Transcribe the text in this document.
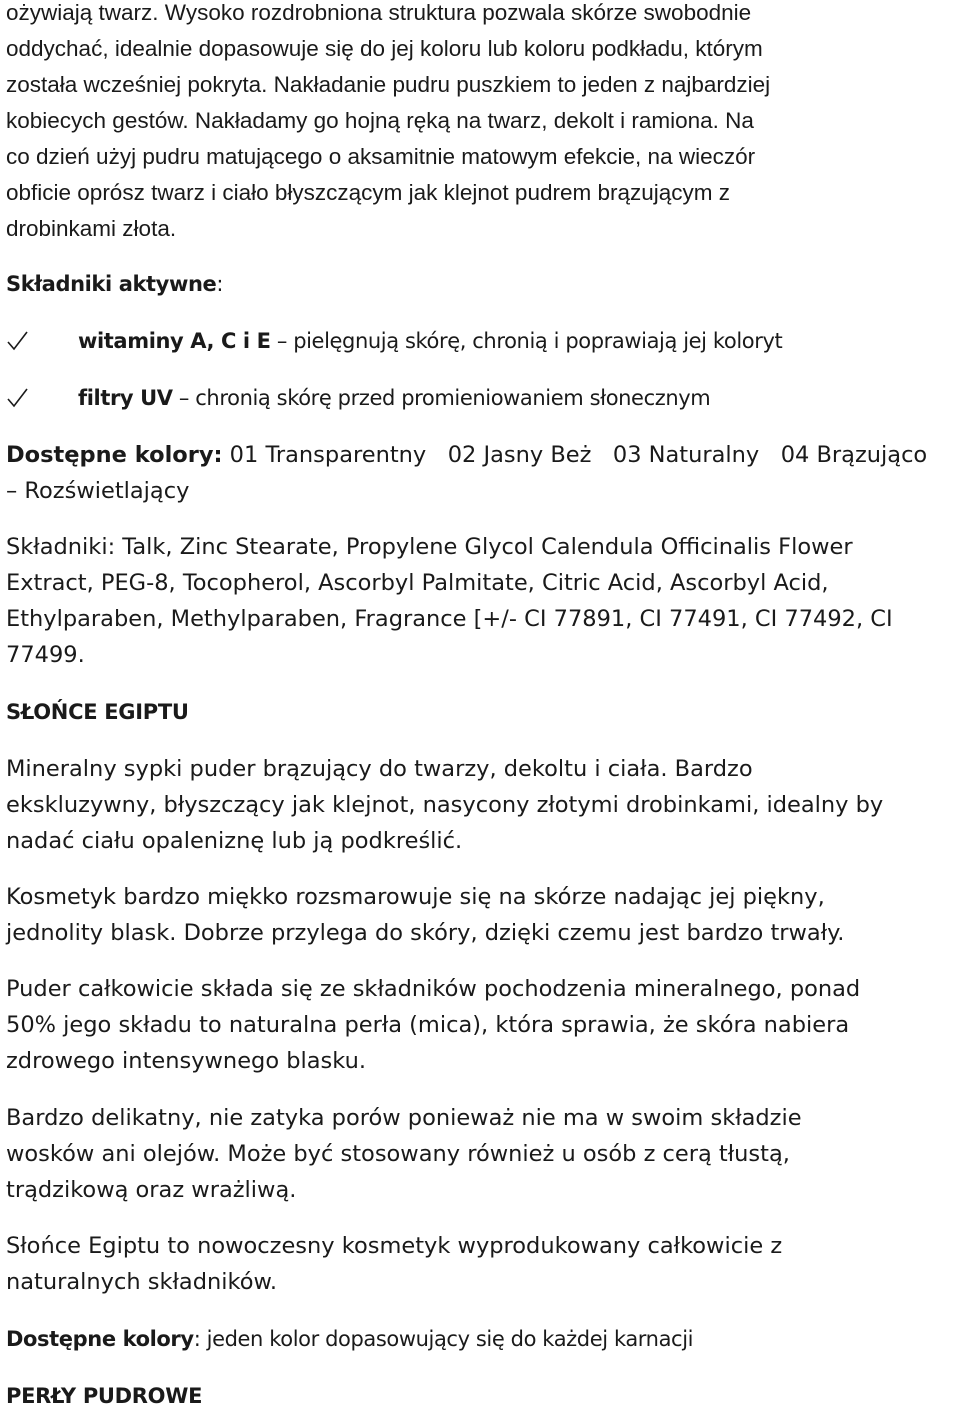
ożywiają twarz. Wysoko rozdrobniona struktura pozwala skórze swobodnie
oddychać, idealnie dopasowuje się do jej koloru lub koloru podkładu, którym
została wcześniej pokryta. Nakładanie pudru puszkiem to jeden z najbardziej
kobiecych gestów. Nakładamy go hojną ręką na twarz, dekolt i ramiona. Na
co dzień użyj pudru matującego o aksamitnie matowym efekcie, na wieczór
obficie oprósz twarz i ciało błyszczącym jak klejnot pudrem brązującym z
drobinkami złota.
Składniki aktywne:
witaminy A, C i E – pielęgnują skórę, chronią i poprawiają jej koloryt
filtry UV – chronią skórę przed promieniowaniem słonecznym
Dostępne kolory: 01 Transparentny   02 Jasny Beż   03 Naturalny   04 Brązująco
– Rozświetlający
Składniki: Talk, Zinc Stearate, Propylene Glycol Calendula Officinalis Flower
Extract, PEG-8, Tocopherol, Ascorbyl Palmitate, Citric Acid, Ascorbyl Acid,
Ethylparaben, Methylparaben, Fragrance [+/- CI 77891, CI 77491, CI 77492, CI
77499.
SŁOŃCE EGIPTU
Mineralny sypki puder brązujący do twarzy, dekoltu i ciała. Bardzo
ekskluzywny, błyszczący jak klejnot, nasycony złotymi drobinkami, idealny by
nadać ciału opaleniznę lub ją podkreślić.
Kosmetyk bardzo miękko rozsmarowuje się na skórze nadając jej piękny,
jednolity blask. Dobrze przylega do skóry, dzięki czemu jest bardzo trwały.
Puder całkowicie składa się ze składników pochodzenia mineralnego, ponad
50% jego składu to naturalna perła (mica), która sprawia, że skóra nabiera
zdrowego intensywnego blasku.
Bardzo delikatny, nie zatyka porów ponieważ nie ma w swoim składzie
wosków ani olejów. Może być stosowany również u osób z cerą tłustą,
trądzikową oraz wrażliwą.
Słońce Egiptu to nowoczesny kosmetyk wyprodukowany całkowicie z
naturalnych składników.
Dostępne kolory: jeden kolor dopasowujący się do każdej karnacji
PERŁY PUDROWE
